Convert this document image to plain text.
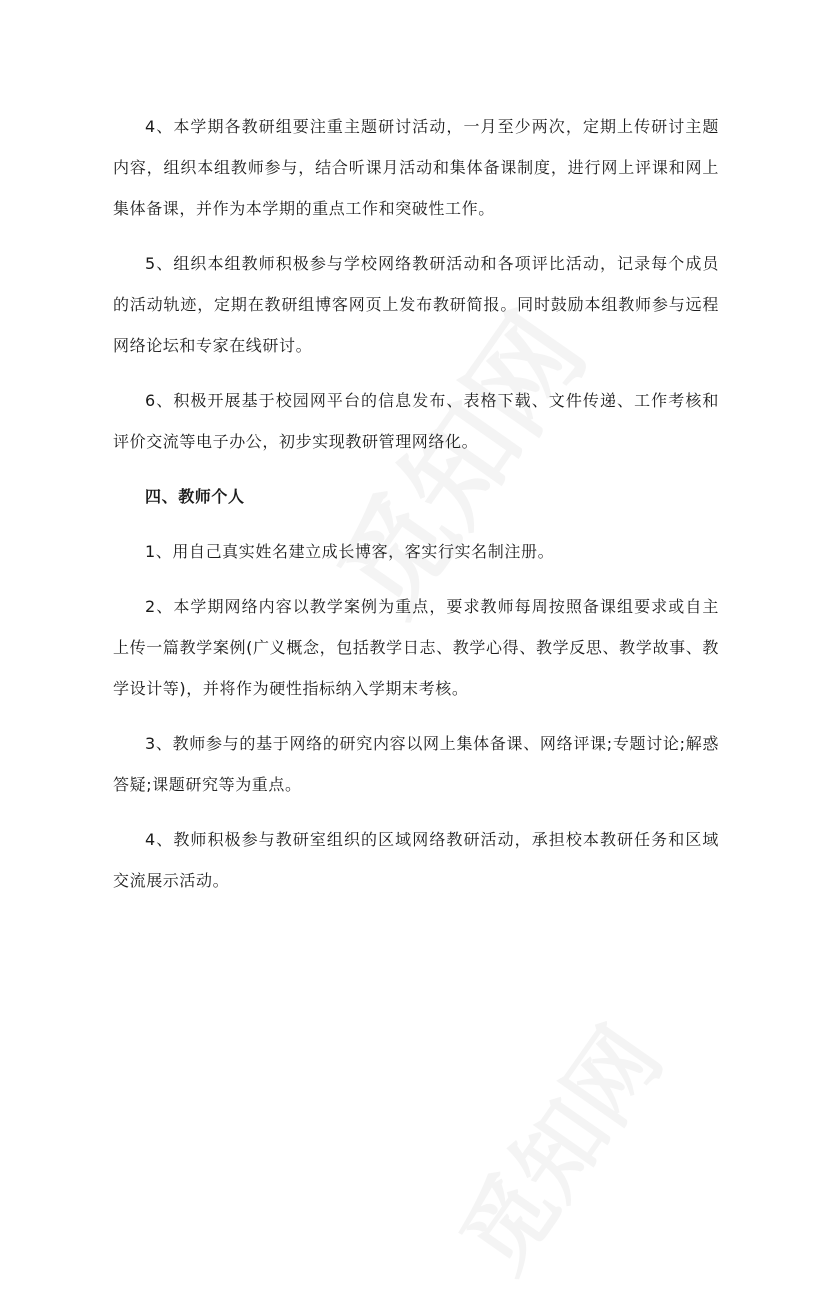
4、本学期各教研组要注重主题研讨活动，一月至少两次，定期上传研讨主题内容，组织本组教师参与，结合听课月活动和集体备课制度，进行网上评课和网上集体备课，并作为本学期的重点工作和突破性工作。

5、组织本组教师积极参与学校网络教研活动和各项评比活动，记录每个成员的活动轨迹，定期在教研组博客网页上发布教研简报。同时鼓励本组教师参与远程网络论坛和专家在线研讨。

6、积极开展基于校园网平台的信息发布、表格下载、文件传递、工作考核和评价交流等电子办公，初步实现教研管理网络化。

四、教师个人

1、用自己真实姓名建立成长博客，客实行实名制注册。

2、本学期网络内容以教学案例为重点，要求教师每周按照备课组要求或自主上传一篇教学案例(广义概念，包括教学日志、教学心得、教学反思、教学故事、教学设计等)，并将作为硬性指标纳入学期末考核。

3、教师参与的基于网络的研究内容以网上集体备课、网络评课;专题讨论;解惑答疑;课题研究等为重点。

4、教师积极参与教研室组织的区域网络教研活动，承担校本教研任务和区域交流展示活动。
